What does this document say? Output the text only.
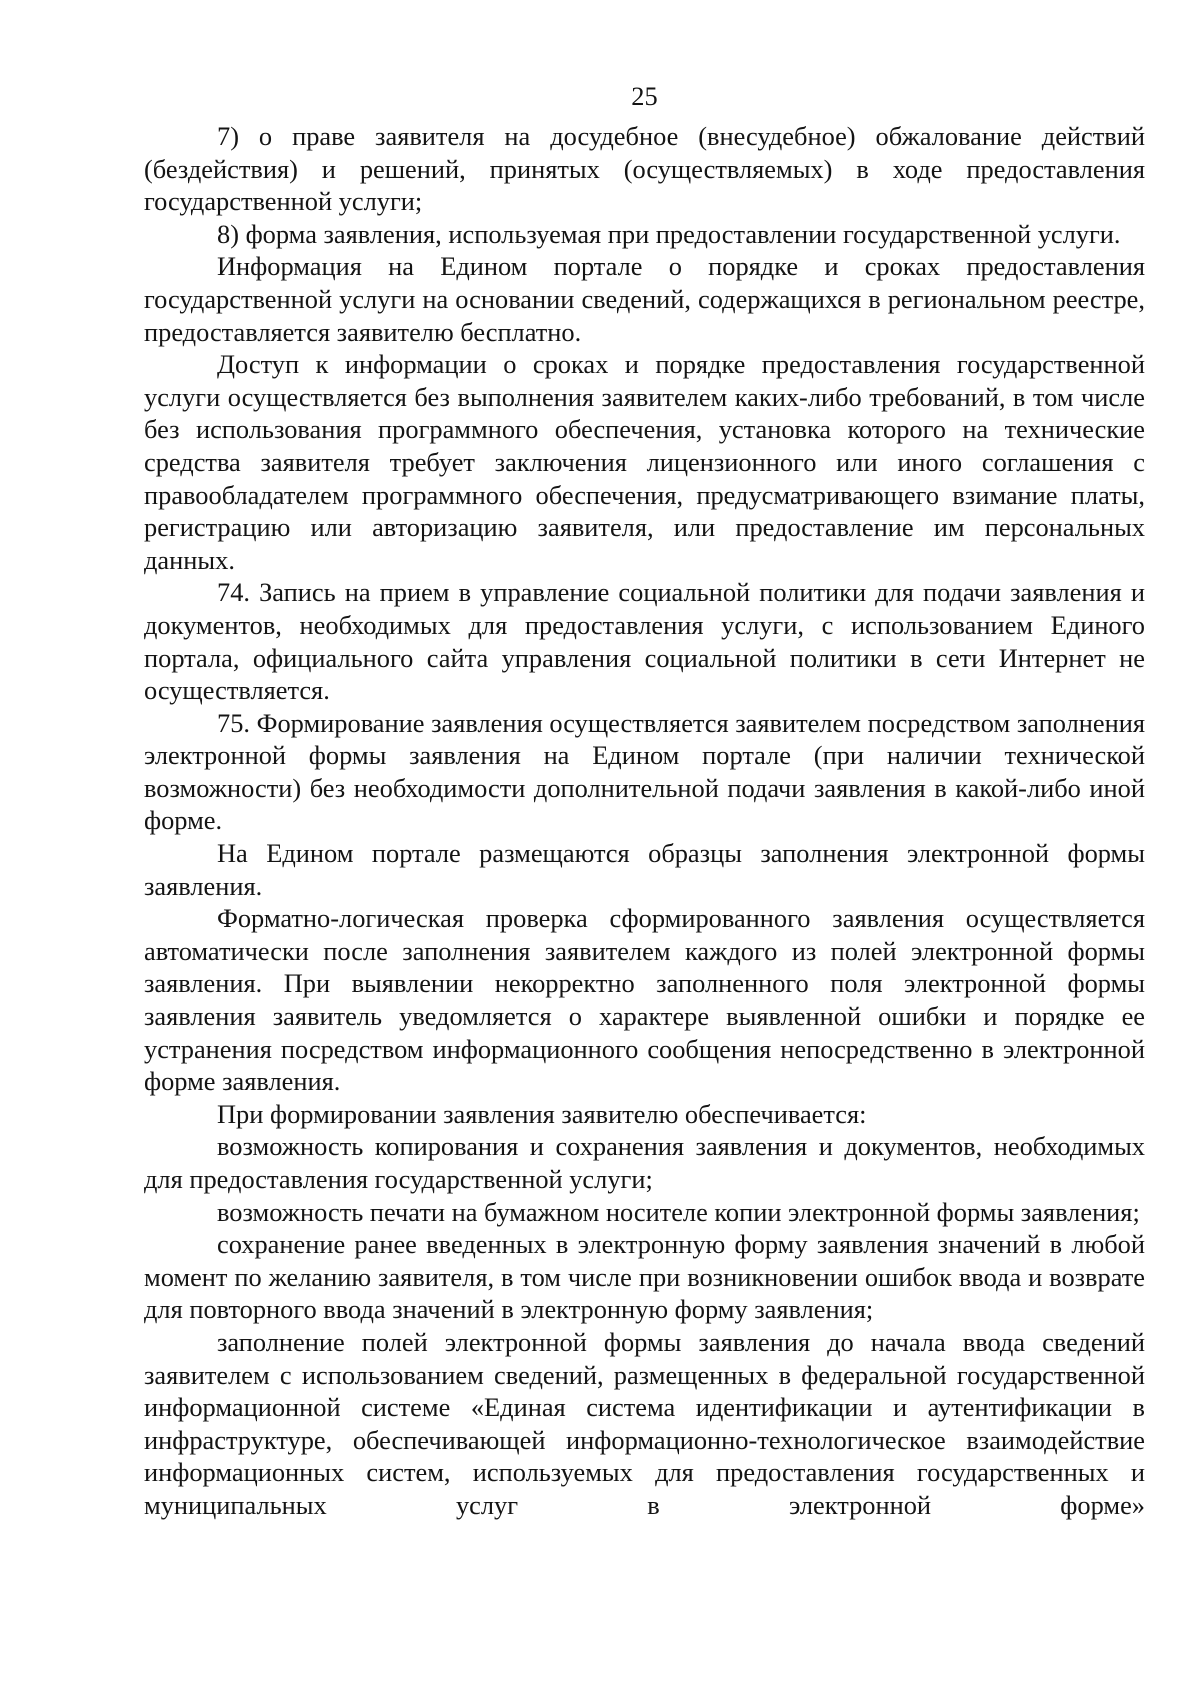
25

7) о праве заявителя на досудебное (внесудебное) обжалование действий (бездействия) и решений, принятых (осуществляемых) в ходе предоставления государственной услуги;

8) форма заявления, используемая при предоставлении государственной услуги.

Информация на Едином портале о порядке и сроках предоставления государственной услуги на основании сведений, содержащихся в региональном реестре, предоставляется заявителю бесплатно.

Доступ к информации о сроках и порядке предоставления государственной услуги осуществляется без выполнения заявителем каких-либо требований, в том числе без использования программного обеспечения, установка которого на технические средства заявителя требует заключения лицензионного или иного соглашения с правообладателем программного обеспечения, предусматривающего взимание платы, регистрацию или авторизацию заявителя, или предоставление им персональных данных.

74. Запись на прием в управление социальной политики для подачи заявления и документов, необходимых для предоставления услуги, с использованием Единого портала, официального сайта управления социальной политики в сети Интернет не осуществляется.

75. Формирование заявления осуществляется заявителем посредством заполнения электронной формы заявления на Едином портале (при наличии технической возможности) без необходимости дополнительной подачи заявления в какой-либо иной форме.

На Едином портале размещаются образцы заполнения электронной формы заявления.

Форматно-логическая проверка сформированного заявления осуществляется автоматически после заполнения заявителем каждого из полей электронной формы заявления. При выявлении некорректно заполненного поля электронной формы заявления заявитель уведомляется о характере выявленной ошибки и порядке ее устранения посредством информационного сообщения непосредственно в электронной форме заявления.

При формировании заявления заявителю обеспечивается:

возможность копирования и сохранения заявления и документов, необходимых для предоставления государственной услуги;

возможность печати на бумажном носителе копии электронной формы заявления;

сохранение ранее введенных в электронную форму заявления значений в любой момент по желанию заявителя, в том числе при возникновении ошибок ввода и возврате для повторного ввода значений в электронную форму заявления;

заполнение полей электронной формы заявления до начала ввода сведений заявителем с использованием сведений, размещенных в федеральной государственной информационной системе «Единая система идентификации и аутентификации в инфраструктуре, обеспечивающей информационно-технологическое взаимодействие информационных систем, используемых для предоставления государственных и муниципальных услуг в электронной форме»
